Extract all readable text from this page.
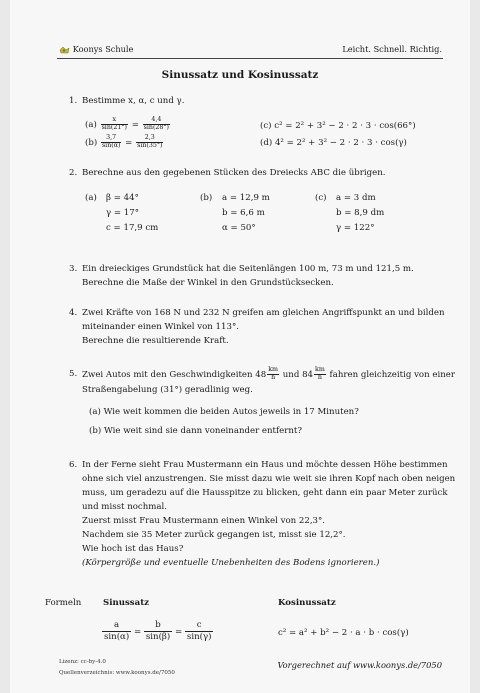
Koonys Schule	Leicht. Schnell. Richtig.
Sinussatz und Kosinussatz
1. Bestimme x, α, c und γ.
$(a) \frac{x}{\sin(21^\circ)} = \frac{4,4}{\sin(28^\circ)}$
$(b) \frac{3,7}{\sin(\alpha)} = \frac{2,3}{\sin(35^\circ)}$
(c) c² = 2² + 3² − 2 · 2 · 3 · cos(66°)
(d) 4² = 2² + 3² − 2 · 2 · 3 · cos(γ)
2. Berechne aus den gegebenen Stücken des Dreiecks ABC die übrigen.
(a) β = 44°
γ = 17°
c = 17,9 cm
(b) a = 12,9 m
b = 6,6 m
α = 50°
(c) a = 3 dm
b = 8,9 dm
γ = 122°
3. Ein dreieckiges Grundstück hat die Seitenlängen 100 m, 73 m und 121,5 m.
Berechne die Maße der Winkel in den Grundstücksecken.
4. Zwei Kräfte von 168 N und 232 N greifen am gleichen Angriffspunkt an und bilden
miteinander einen Winkel von 113°.
Berechne die resultierende Kraft.
5. Zwei Autos mit den Geschwindigkeiten $48 \frac{km}{h}$ und $84 \frac{km}{h}$ fahren gleichzeitig von einer
Straßengabelung (31°) geradlinig weg.
(a) Wie weit kommen die beiden Autos jeweils in 17 Minuten?
(b) Wie weit sind sie dann voneinander entfernt?
6. In der Ferne sieht Frau Mustermann ein Haus und möchte dessen Höhe bestimmen
ohne sich viel anzustrengen. Sie misst dazu wie weit sie ihren Kopf nach oben neigen
muss, um geradezu auf die Hausspitze zu blicken, geht dann ein paar Meter zurück
und misst nochmal.
Zuerst misst Frau Mustermann einen Winkel von 22,3°.
Nachdem sie 35 Meter zurück gegangen ist, misst sie 12,2°.
Wie hoch ist das Haus?
(Körpergröße und eventuelle Unebenheiten des Bodens ignorieren.)
Formeln	Sinussatz
$\frac{a}{\sin(\alpha)} = \frac{b}{\sin(\beta)} = \frac{c}{\sin(\gamma)}$
Kosinussatz
c² = a² + b² − 2 · a · b · cos(γ)
Lizenz: cc-by-4.0
Quellenverzeichnis: www.koonys.de/7050
Vorgerechnet auf www.koonys.de/7050
